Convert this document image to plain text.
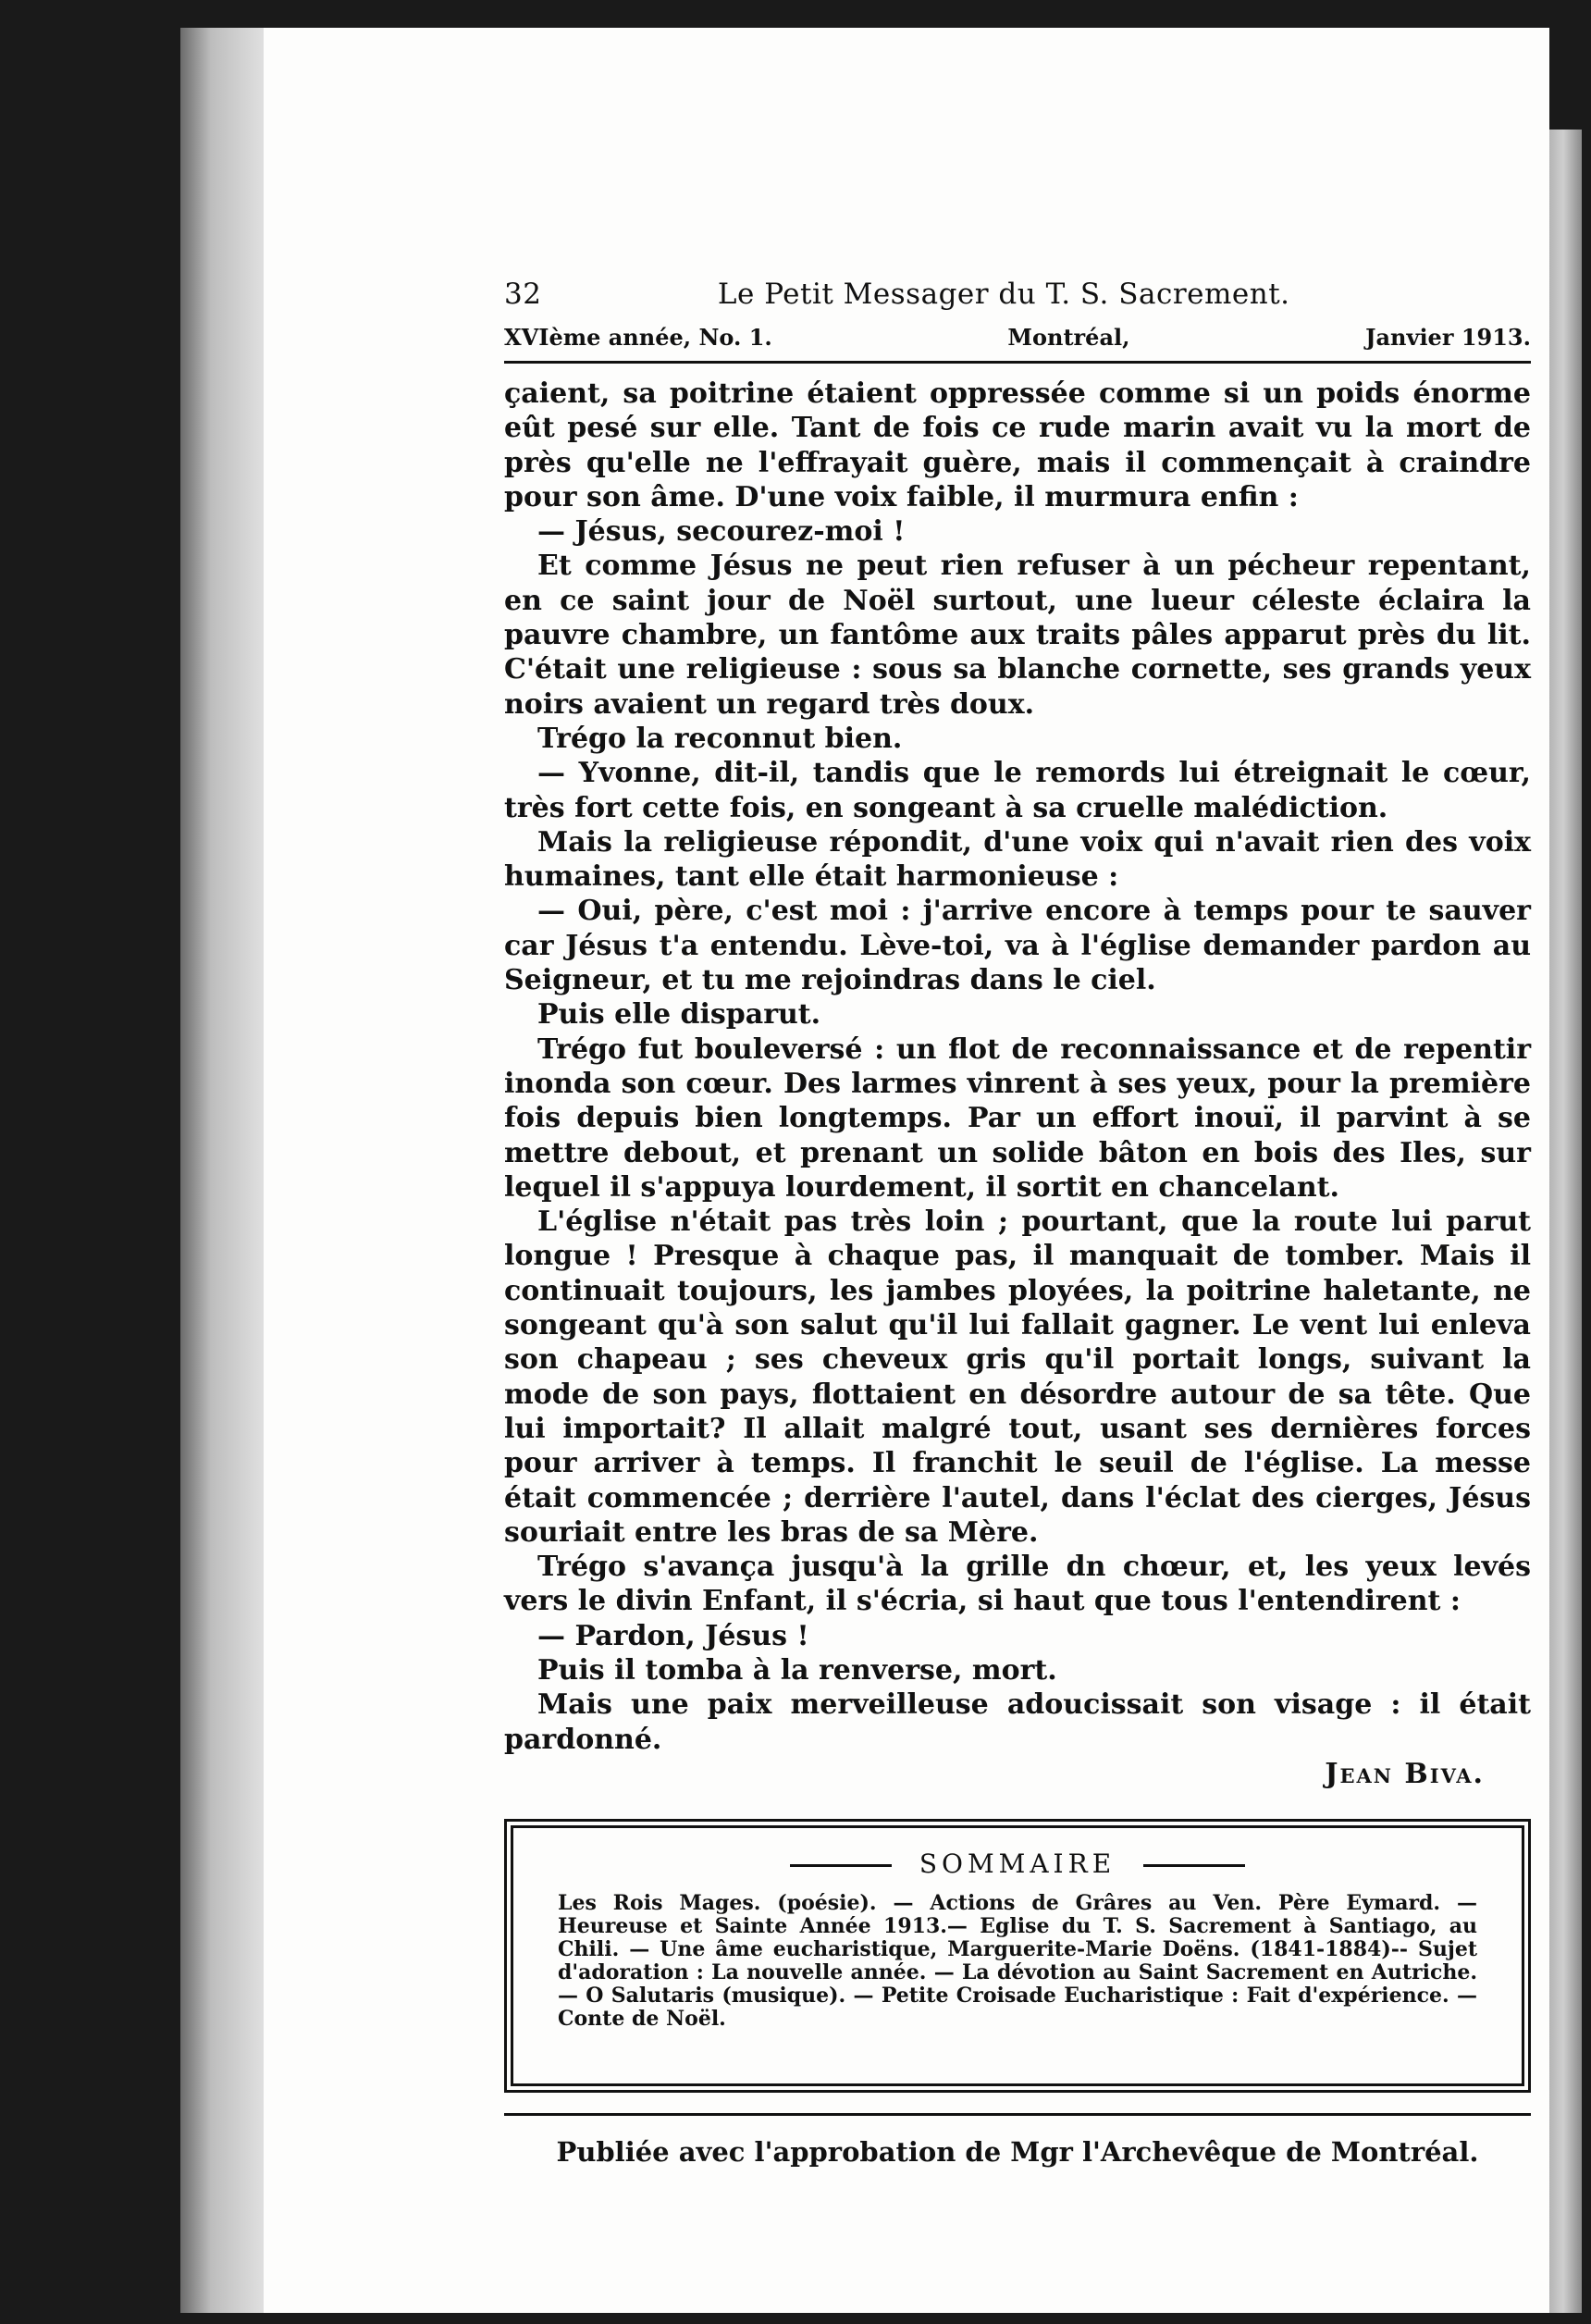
32	Le Petit Messager du T. S. Sacrement.
XVIème année, No. 1.	Montréal,	Janvier 1913.

çaient, sa poitrine étaient oppressée comme si un poids énorme eût pesé sur elle. Tant de fois ce rude marin avait vu la mort de près qu'elle ne l'effrayait guère, mais il commençait à craindre pour son âme. D'une voix faible, il murmura enfin :

— Jésus, secourez-moi !

Et comme Jésus ne peut rien refuser à un pécheur repentant, en ce saint jour de Noël surtout, une lueur céleste éclaira la pauvre chambre, un fantôme aux traits pâles apparut près du lit. C'était une religieuse : sous sa blanche cornette, ses grands yeux noirs avaient un regard très doux.

Trégo la reconnut bien.

— Yvonne, dit-il, tandis que le remords lui étreignait le cœur, très fort cette fois, en songeant à sa cruelle malédiction.

Mais la religieuse répondit, d'une voix qui n'avait rien des voix humaines, tant elle était harmonieuse :

— Oui, père, c'est moi : j'arrive encore à temps pour te sauver car Jésus t'a entendu. Lève-toi, va à l'église demander pardon au Seigneur, et tu me rejoindras dans le ciel.

Puis elle disparut.

Trégo fut bouleversé : un flot de reconnaissance et de repentir inonda son cœur. Des larmes vinrent à ses yeux, pour la première fois depuis bien longtemps. Par un effort inouï, il parvint à se mettre debout, et prenant un solide bâton en bois des Iles, sur lequel il s'appuya lourdement, il sortit en chancelant.

L'église n'était pas très loin ; pourtant, que la route lui parut longue ! Presque à chaque pas, il manquait de tomber. Mais il continuait toujours, les jambes ployées, la poitrine haletante, ne songeant qu'à son salut qu'il lui fallait gagner. Le vent lui enleva son chapeau ; ses cheveux gris qu'il portait longs, suivant la mode de son pays, flottaient en désordre autour de sa tête. Que lui importait? Il allait malgré tout, usant ses dernières forces pour arriver à temps. Il franchit le seuil de l'église. La messe était commencée ; derrière l'autel, dans l'éclat des cierges, Jésus souriait entre les bras de sa Mère.

Trégo s'avança jusqu'à la grille dn chœur, et, les yeux levés vers le divin Enfant, il s'écria, si haut que tous l'entendirent :

— Pardon, Jésus !

Puis il tomba à la renverse, mort.

Mais une paix merveilleuse adoucissait son visage : il était pardonné.

Jean Biva.
SOMMAIRE
Les Rois Mages. (poésie). — Actions de Grâres au Ven. Père Eymard. — Heureuse et Sainte Année 1913.— Eglise du T. S. Sacrement à Santiago, au Chili. — Une âme eucharistique, Marguerite-Marie Doëns. (1841-1884)-- Sujet d'adoration : La nouvelle année. — La dévotion au Saint Sacrement en Autriche. — O Salutaris (musique). — Petite Croisade Eucharistique : Fait d'expérience. — Conte de Noël.
Publiée avec l'approbation de Mgr l'Archevêque de Montréal.
